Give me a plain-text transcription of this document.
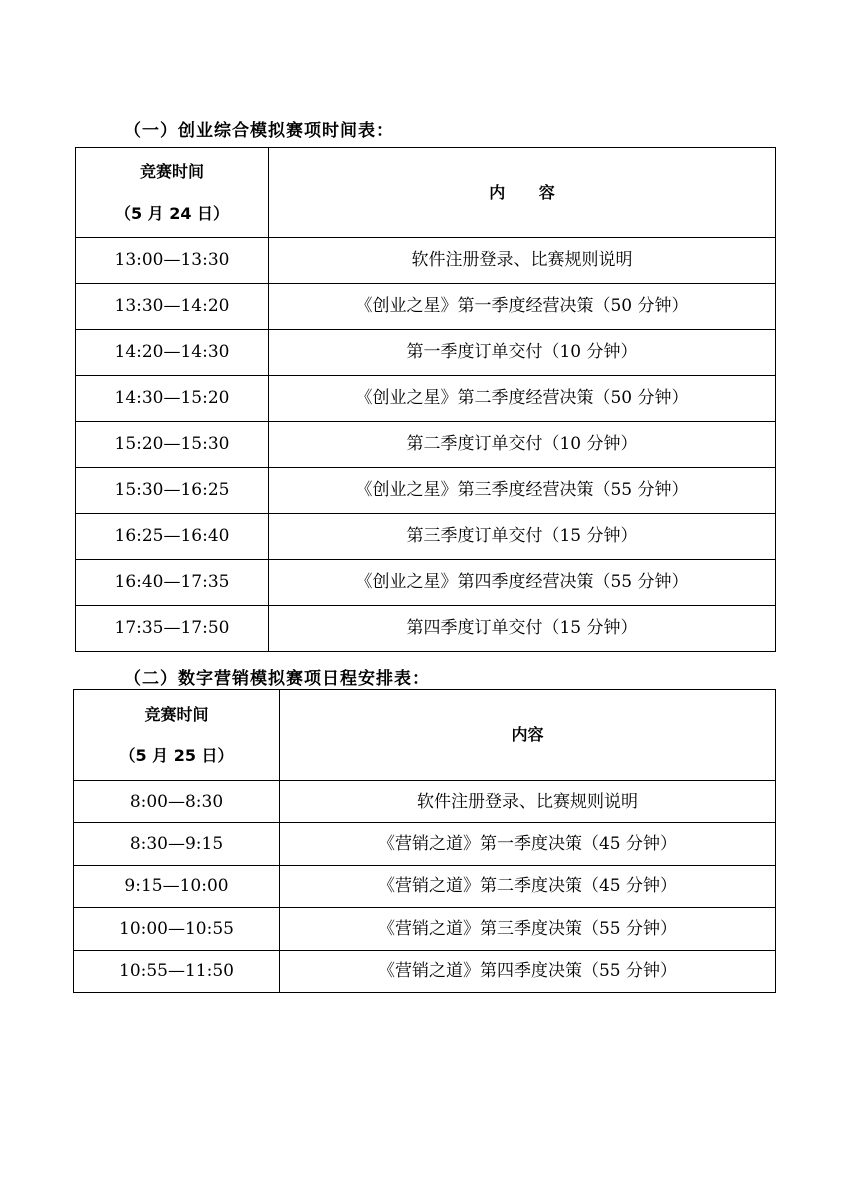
（一）创业综合模拟赛项时间表：
竞赛时间
（5 月 24 日）	内 容
13:00—13:30	软件注册登录、比赛规则说明
13:30—14:20	《创业之星》第一季度经营决策（50 分钟）
14:20—14:30	第一季度订单交付（10 分钟）
14:30—15:20	《创业之星》第二季度经营决策（50 分钟）
15:20—15:30	第二季度订单交付（10 分钟）
15:30—16:25	《创业之星》第三季度经营决策（55 分钟）
16:25—16:40	第三季度订单交付（15 分钟）
16:40—17:35	《创业之星》第四季度经营决策（55 分钟）
17:35—17:50	第四季度订单交付（15 分钟）
（二）数字营销模拟赛项日程安排表：
竞赛时间
（5 月 25 日）	内容
8:00—8:30	软件注册登录、比赛规则说明
8:30—9:15	《营销之道》第一季度决策（45 分钟）
9:15—10:00	《营销之道》第二季度决策（45 分钟）
10:00—10:55	《营销之道》第三季度决策（55 分钟）
10:55—11:50	《营销之道》第四季度决策（55 分钟）
